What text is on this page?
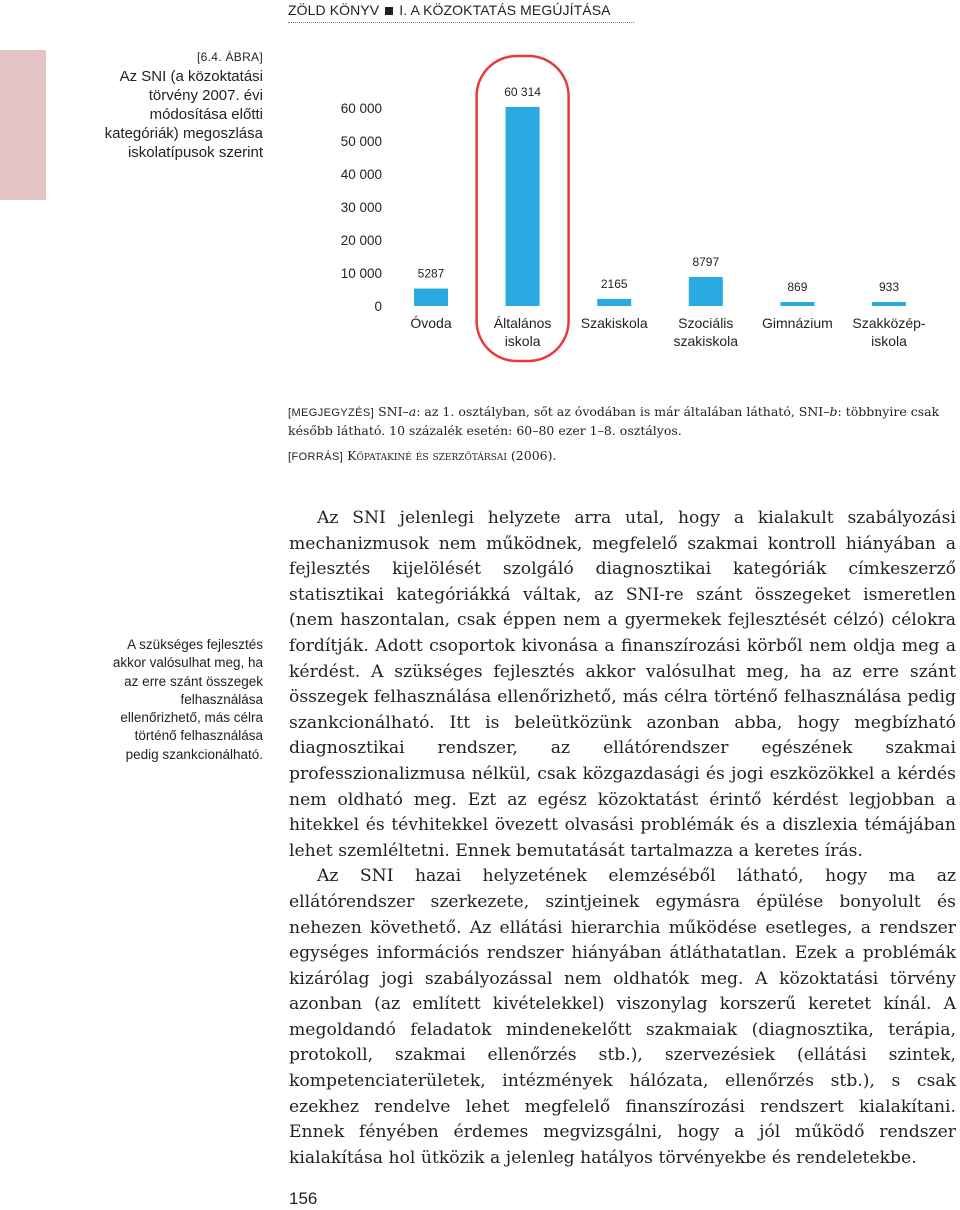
ZÖLD KÖNYV I. A KÖZOKTATÁS MEGÚJÍTÁSA
[6.4. ÁBRA]
Az SNI (a közoktatási
törvény 2007. évi
módosítása előtti
kategóriák) megoszlása
iskolatípusok szerint
0
10 000
20 000
30 000
40 000
50 000
60 000
5287
Óvoda
60 314
Általános
iskola
2165
Szakiskola
8797
Szociális
szakiskola
869
Gimnázium
933
Szakközép-
iskola
[MEGJEGYZÉS] SNI–a: az 1. osztályban, sőt az óvodában is már általában látható, SNI–b: többnyire csak később látható. 10 százalék esetén: 60–80 ezer 1–8. osztályos.
[FORRÁS] Kőpatakiné és szerzőtársai (2006).
A szükséges fejlesztés akkor valósulhat meg, ha az erre szánt összegek felhasználása ellenőrizhető, más célra történő felhasználása pedig szankcionálható.

Az SNI jelenlegi helyzete arra utal, hogy a kialakult szabályozási mechanizmusok nem működnek, megfelelő szakmai kontroll hiányában a fejlesztés kijelölését szolgáló diagnosztikai kategóriák címkeszerző statisztikai kategóriákká váltak, az SNI-re szánt összegeket ismeretlen (nem haszontalan, csak éppen nem a gyermekek fejlesztését célzó) célokra fordítják. Adott csoportok kivonása a finanszírozási körből nem oldja meg a kérdést. A szükséges fejlesztés akkor valósulhat meg, ha az erre szánt összegek felhasználása ellenőrizhető, más célra történő felhasználása pedig szankcionálható. Itt is beleütközünk azonban abba, hogy megbízható diagnosztikai rendszer, az ellátórendszer egészének szakmai professzionalizmusa nélkül, csak közgazdasági és jogi eszközökkel a kérdés nem oldható meg. Ezt az egész közoktatást érintő kérdést legjobban a hitekkel és tévhitekkel övezett olvasási problémák és a diszlexia témájában lehet szemléltetni. Ennek bemutatását tartalmazza a keretes írás.

Az SNI hazai helyzetének elemzéséből látható, hogy ma az ellátórendszer szerkezete, szintjeinek egymásra épülése bonyolult és nehezen követhető. Az ellátási hierarchia működése esetleges, a rendszer egységes információs rendszer hiányában átláthatatlan. Ezek a problémák kizárólag jogi szabályozással nem oldhatók meg. A közoktatási törvény azonban (az említett kivételekkel) viszonylag korszerű keretet kínál. A megoldandó feladatok mindenekelőtt szakmaiak (diagnosztika, terápia, protokoll, szakmai ellenőrzés stb.), szervezésiek (ellátási szintek, kompetenciaterületek, intézmények hálózata, ellenőrzés stb.), s csak ezekhez rendelve lehet megfelelő finanszírozási rendszert kialakítani. Ennek fényében érdemes megvizsgálni, hogy a jól működő rendszer kialakítása hol ütközik a jelenleg hatályos törvényekbe és rendeletekbe.

156
